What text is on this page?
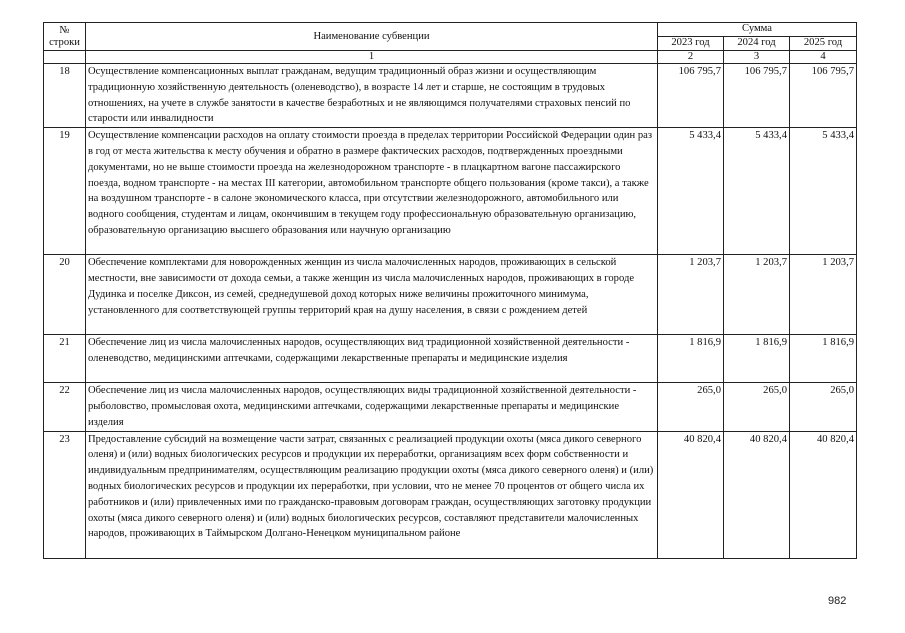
№
строки	Наименование субвенции	Сумма		
		2023 год	2024 год	2025 год
	1	2	3	4
18	Осуществление компенсационных выплат гражданам, ведущим традиционный образ жизни и осуществляющим традиционную хозяйственную деятельность (оленеводство), в возрасте 14 лет и старше, не состоящим в трудовых отношениях, на учете в службе занятости в качестве безработных и не являющимся получателями страховых пенсий по старости или инвалидности	106 795,7	106 795,7	106 795,7
19	Осуществление компенсации расходов на оплату стоимости проезда в пределах территории Российской Федерации один раз в год от места жительства к месту обучения и обратно в размере фактических расходов, подтвержденных проездными документами, но не выше стоимости проезда на железнодорожном транспорте - в плацкартном вагоне пассажирского поезда, водном транспорте - на местах III категории, автомобильном транспорте общего пользования (кроме такси), а также на воздушном транспорте - в салоне экономического класса, при отсутствии железнодорожного, автомобильного или водного сообщения, студентам и лицам, окончившим в текущем году профессиональную образовательную организацию, образовательную организацию высшего образования или научную организацию	5 433,4	5 433,4	5 433,4
20	Обеспечение комплектами для новорожденных женщин из числа малочисленных народов, проживающих в сельской местности, вне зависимости от дохода семьи, а также женщин из числа малочисленных народов, проживающих в городе Дудинка и поселке Диксон, из семей, среднедушевой доход которых ниже величины прожиточного минимума, установленного для соответствующей группы территорий края на душу населения, в связи с рождением детей	1 203,7	1 203,7	1 203,7
21	Обеспечение лиц из числа малочисленных народов, осуществляющих вид традиционной хозяйственной деятельности - оленеводство, медицинскими аптечками, содержащими лекарственные препараты и медицинские изделия	1 816,9	1 816,9	1 816,9
22	Обеспечение лиц из числа малочисленных народов, осуществляющих виды традиционной хозяйственной деятельности - рыболовство, промысловая охота, медицинскими аптечками, содержащими лекарственные препараты и медицинские изделия	265,0	265,0	265,0
23	Предоставление субсидий на возмещение части затрат, связанных с реализацией продукции охоты (мяса дикого северного оленя) и (или) водных биологических ресурсов и продукции их переработки, организациям всех форм собственности и индивидуальным предпринимателям, осуществляющим реализацию продукции охоты (мяса дикого северного оленя) и (или) водных биологических ресурсов и продукции их переработки, при условии, что не менее 70 процентов от общего числа их работников и (или) привлеченных ими по гражданско-правовым договорам граждан, осуществляющих заготовку продукции охоты (мяса дикого северного оленя) и (или) водных биологических ресурсов, составляют представители малочисленных народов, проживающих в Таймырском Долгано-Ненецком муниципальном районе	40 820,4	40 820,4	40 820,4
982
